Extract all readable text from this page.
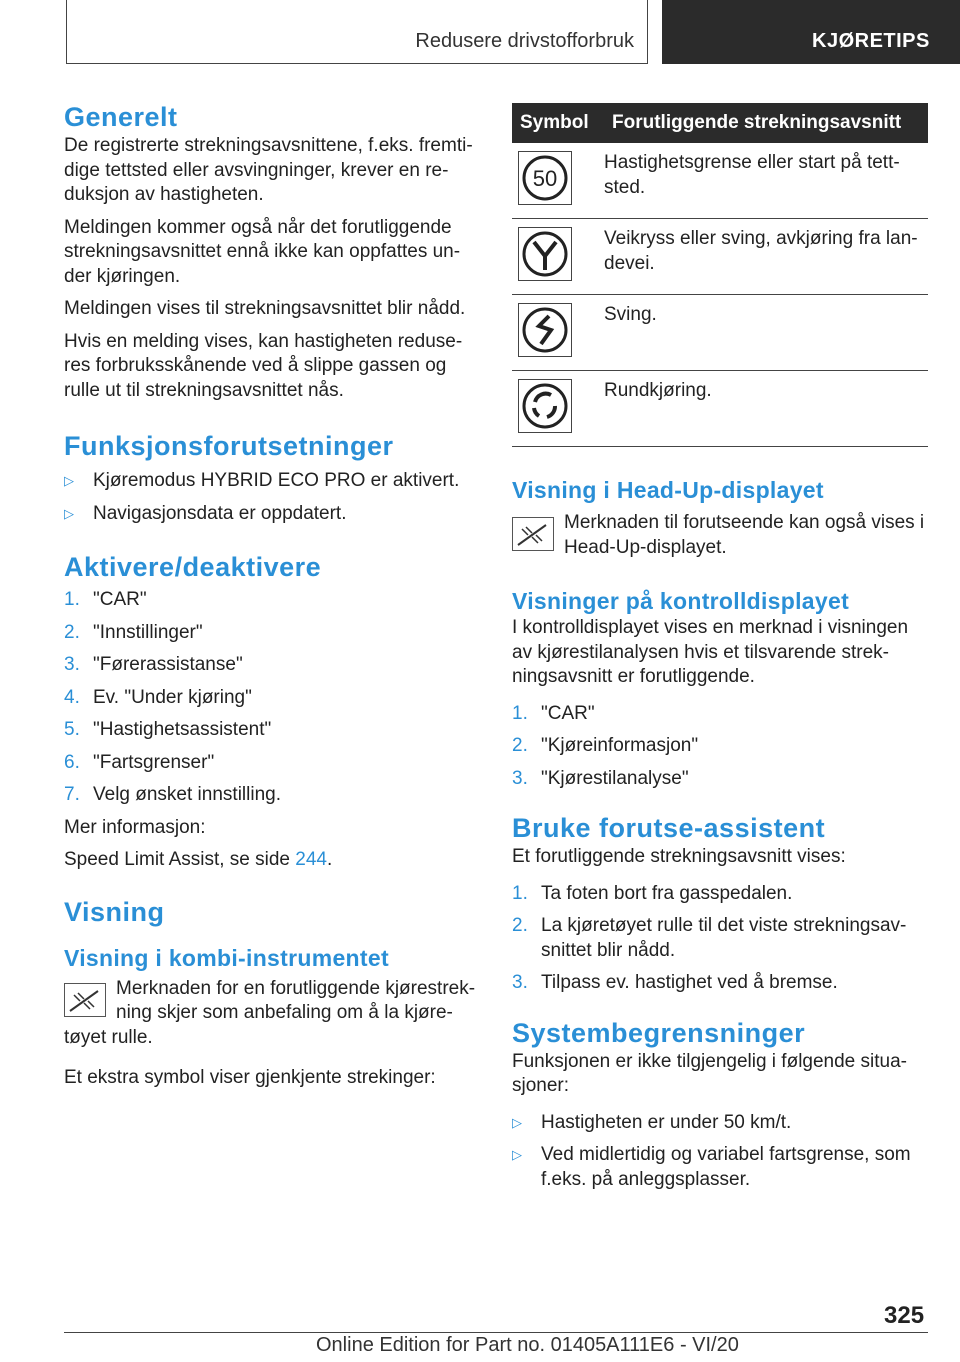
Redusere drivstofforbruk	KJØRETIPS
Generelt

De registrerte strekningsavsnittene, f.eks. fremti-
dige tettsted eller avsvingninger, krever en re-
duksjon av hastigheten.

Meldingen kommer også når det forutliggende
strekningsavsnittet ennå ikke kan oppfattes un-
der kjøringen.

Meldingen vises til strekningsavsnittet blir nådd.

Hvis en melding vises, kan hastigheten reduse-
res forbruksskånende ved å slippe gassen og
rulle ut til strekningsavsnittet nås.

Funksjonsforutsetninger
▷	Kjøremodus HYBRID ECO PRO er aktivert.
▷	Navigasjonsdata er oppdatert.
Aktivere/deaktivere
1. "CAR"
2. "Innstillinger"
3. "Førerassistanse"
4. Ev. "Under kjøring"
5. "Hastighetsassistent"
6. "Fartsgrenser"
7. Velg ønsket innstilling.

Mer informasjon:

Speed Limit Assist, se side 244.

Visning
Visning i kombi-instrumentet

Merknaden for en forutliggende kjørestrek-
ning skjer som anbefaling om å la kjøre-

tøyet rulle.

Et ekstra symbol viser gjenkjente strekinger:

Symbol	Forutliggende strekningsavsnitt

50	Hastighetsgrense eller start på tett-
sted.

	Veikryss eller sving, avkjøring fra lan-
devei.

	Sving.

	Rundkjøring.
Visning i Head-Up-displayet

Merknaden til forutseende kan også vises i
Head-Up-displayet.

Visninger på kontrolldisplayet

I kontrolldisplayet vises en merknad i visningen
av kjørestilanalysen hvis et tilsvarende strek-
ningsavsnitt er forutliggende.

1. "CAR"
2. "Kjøreinformasjon"
3. "Kjørestilanalyse"
Bruke forutse-assistent

Et forutliggende strekningsavsnitt vises:

1. Ta foten bort fra gasspedalen.
2. La kjøretøyet rulle til det viste strekningsav-
snittet blir nådd.
3. Tilpass ev. hastighet ved å bremse.
Systembegrensninger

Funksjonen er ikke tilgjengelig i følgende situa-
sjoner:

▷	Hastigheten er under 50 km/t.
▷	Ved midlertidig og variabel fartsgrense, som
f.eks. på anleggsplasser.
325
Online Edition for Part no. 01405A111E6 - VI/20
